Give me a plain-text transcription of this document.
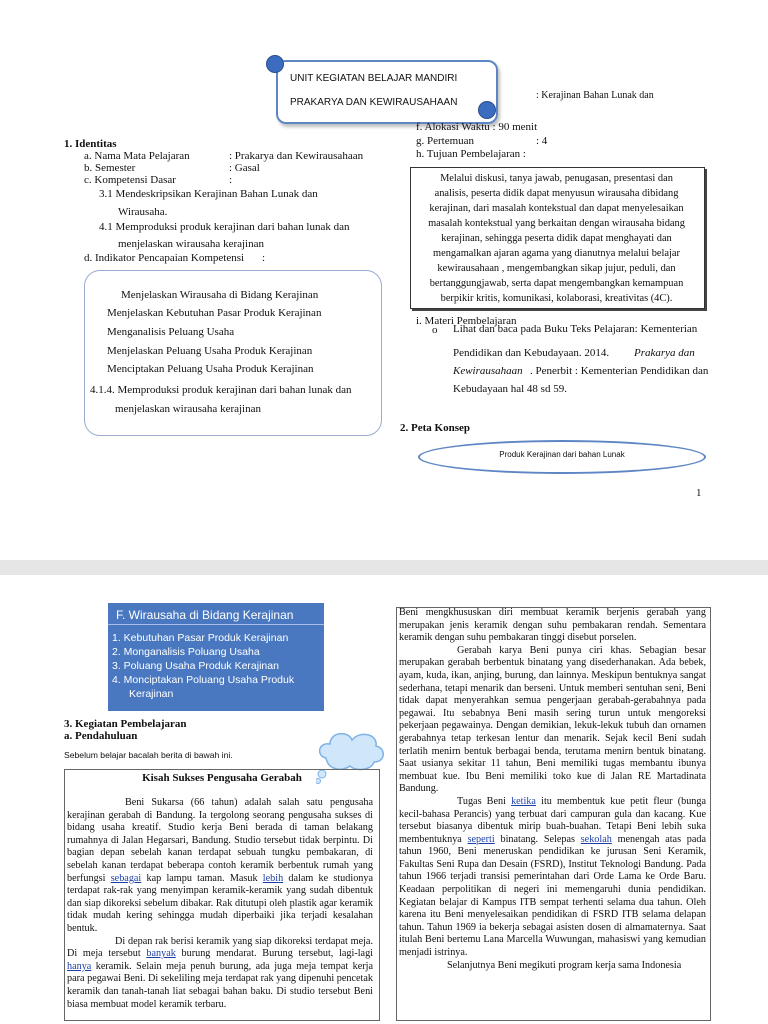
UNIT KEGIATAN BELAJAR MANDIRI
PRAKARYA DAN KEWIRAUSAHAAN
: Kerajinan Bahan Lunak dan
1. Identitas
a. Nama Mata Pelajaran	: Prakarya dan Kewirausahaan
b. Semester	: Gasal
c. Kompetensi Dasar	:
3.1 Mendeskripsikan Kerajinan Bahan Lunak dan
Wirausaha.
4.1 Memproduksi produk kerajinan dari bahan lunak dan
menjelaskan wirausaha kerajinan
d. Indikator Pencapaian Kompetensi :
Menjelaskan Wirausaha di Bidang Kerajinan
Menjelaskan Kebutuhan Pasar Produk Kerajinan
Menganalisis Peluang Usaha
Menjelaskan Peluang Usaha Produk Kerajinan
Menciptakan Peluang Usaha Produk Kerajinan
4.1.4. Memproduksi produk kerajinan dari bahan lunak dan
menjelaskan wirausaha kerajinan
f. Alokasi Waktu : 90 menit
g. Pertemuan	: 4
h. Tujuan Pembelajaran :
Melalui diskusi, tanya jawab, penugasan, presentasi dan
analisis, peserta didik dapat menyusun wirausaha dibidang
kerajinan, dari masalah kontekstual dan dapat menyelesaikan
masalah kontekstual yang berkaitan dengan wirausaha bidang
kerajinan, sehingga peserta didik dapat menghayati dan
mengamalkan ajaran agama yang dianutnya melalui belajar
kewirausahaan , mengembangkan sikap jujur, peduli, dan
bertanggungjawab, serta dapat mengembangkan kemampuan
berpikir kritis, komunikasi, kolaborasi, kreativitas (4C).
i. Materi Pembelajaran
o Lihat dan baca pada Buku Teks Pelajaran: Kementerian
Pendidikan dan Kebudayaan. 2014. Prakarya dan
Kewirausahaan . Penerbit : Kementerian Pendidikan dan
Kebudayaan hal 48 sd 59.
2. Peta Konsep
Produk Kerajinan dari bahan Lunak
1
F. Wirausaha di Bidang Kerajinan
1. Kebutuhan Pasar Produk Kerajinan
2. Monganalisis Poluang Usaha
3. Poluang Usaha Produk Kerajinan
4. Monciptakan Poluang Usaha Produk
Kerajinan
3. Kegiatan Pembelajaran
a. Pendahuluan
Sebelum belajar bacalah berita di bawah ini.
Kisah Sukses Pengusaha Gerabah

Beni Sukarsa (66 tahun) adalah salah satu pengusaha kerajinan gerabah di Bandung. Ia tergolong seorang pengusaha sukses di bidang usaha kreatif. Studio kerja Beni berada di taman belakang rumahnya di Jalan Hegarsari, Bandung. Studio tersebut tidak berpintu. Di bagian depan sebelah kanan terdapat sebuah tungku pembakaran, di sebelah kanan terdapat beberapa contoh keramik berbentuk rumah yang berfungsi sebagai kap lampu taman. Masuk lebih dalam ke studionya terdapat rak-rak yang menyimpan keramik-keramik yang sudah dibentuk dan siap dikoreksi sebelum dibakar. Rak ditutupi oleh plastik agar keramik tidak mudah kering sehingga mudah diperbaiki jika terjadi kesalahan bentuk.

Di depan rak berisi keramik yang siap dikoreksi terdapat meja. Di meja tersebut banyak burung mendarat. Burung tersebut, lagi-lagi hanya keramik. Selain meja penuh burung, ada juga meja tempat kerja para pegawai Beni. Di sekeliling meja terdapat rak yang dipenuhi pencetak keramik dan tanah-tanah liat sebagai bahan baku. Di studio tersebut Beni biasa membuat model keramik terbaru.

Beni mengkhususkan diri membuat keramik berjenis gerabah yang merupakan jenis keramik dengan suhu pembakaran rendah. Sementara keramik dengan suhu pembakaran tinggi disebut porselen.

Gerabah karya Beni punya ciri khas. Sebagian besar merupakan gerabah berbentuk binatang yang disederhanakan. Ada bebek, ayam, kuda, ikan, anjing, burung, dan lainnya. Meskipun bentuknya sangat sederhana, tetapi menarik dan berseni. Untuk memberi sentuhan seni, Beni tidak dapat menyerahkan semua pengerjaan gerabah-gerabahnya pada pegawai. Itu sebabnya Beni masih sering turun untuk mengoreksi pekerjaan pegawainya. Dengan demikian, lekuk-lekuk tubuh dan ornamen gerabahnya tetap terkesan lentur dan menarik. Sejak kecil Beni sudah terlatih menirn bentuk berbagai benda, terutama menirn bentuk binatang. Saat usianya sekitar 11 tahun, Beni memiliki tugas membantu ibunya membuat kue. Ibu Beni memiliki toko kue di Jalan RE Martadinata Bandung.

Tugas Beni ketika itu membentuk kue petit fleur (bunga kecil-bahasa Perancis) yang terbuat dari campuran gula dan kacang. Kue tersebut biasanya dibentuk mirip buah-buahan. Tetapi Beni lebih suka membentuknya seperti binatang. Selepas sekolah menengah atas pada tahun 1960, Beni meneruskan pendidikan ke jurusan Seni Keramik, Fakultas Seni Rupa dan Desain (FSRD), Institut Teknologi Bandung. Pada tahun 1966 terjadi transisi pemerintahan dari Orde Lama ke Orde Baru. Keadaan perpolitikan di negeri ini memengaruhi dunia pendidikan. Kegiatan belajar di Kampus ITB sempat terhenti selama dua tahun. Oleh karena itu Beni menyelesaikan pendidikan di FSRD ITB selama delapan tahun. Tahun 1969 ia bekerja sebagai asisten dosen di almamaternya. Saat itulah Beni bertemu Lana Marcella Wuwungan, mahasiswi yang kemudian menjadi istrinya.

Selanjutnya Beni megikuti program kerja sama Indonesia
